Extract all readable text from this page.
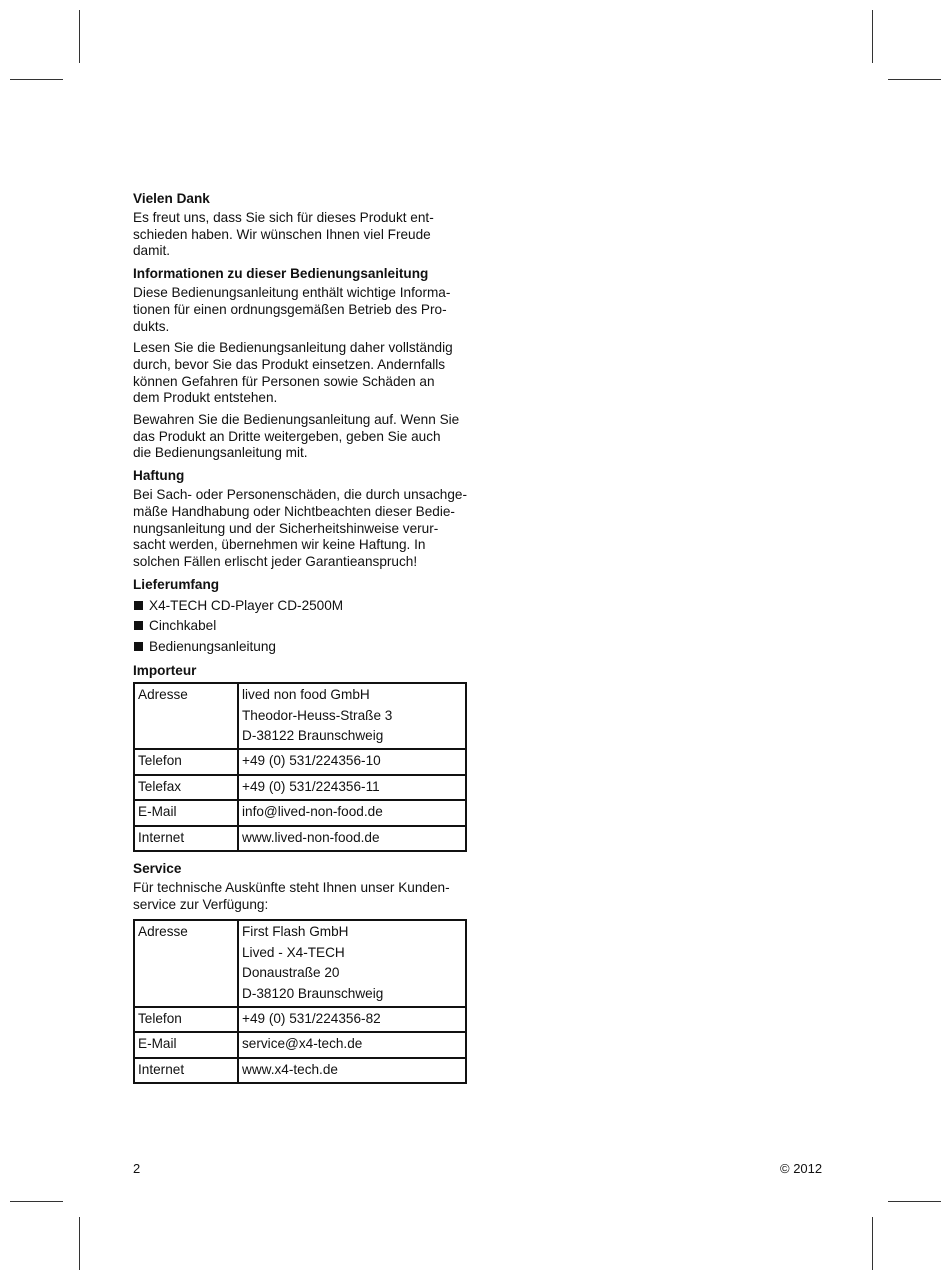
Vielen Dank

Es freut uns, dass Sie sich für dieses Produkt ent-
schieden haben. Wir wünschen Ihnen viel Freude
damit.

Informationen zu dieser Bedienungsanleitung

Diese Bedienungsanleitung enthält wichtige Informa-
tionen für einen ordnungsgemäßen Betrieb des Pro-
dukts.

Lesen Sie die Bedienungsanleitung daher vollständig
durch, bevor Sie das Produkt einsetzen. Andernfalls
können Gefahren für Personen sowie Schäden an
dem Produkt entstehen.

Bewahren Sie die Bedienungsanleitung auf. Wenn Sie
das Produkt an Dritte weitergeben, geben Sie auch
die Bedienungsanleitung mit.

Haftung

Bei Sach- oder Personenschäden, die durch unsachge-
mäße Handhabung oder Nichtbeachten dieser Bedie-
nungsanleitung und der Sicherheitshinweise verur-
sacht werden, übernehmen wir keine Haftung. In
solchen Fällen erlischt jeder Garantieanspruch!

Lieferumfang
X4-TECH CD-Player CD-2500M
Cinchkabel
Bedienungsanleitung
Importeur
Adresse	lived non food GmbH
Theodor-Heuss-Straße 3
D-38122 Braunschweig

Telefon	+49 (0) 531/224356-10
Telefax	+49 (0) 531/224356-11
E-Mail	info@lived-non-food.de
Internet	www.lived-non-food.de
Service

Für technische Auskünfte steht Ihnen unser Kunden-
service zur Verfügung:

Adresse	First Flash GmbH
Lived - X4-TECH
Donaustraße 20
D-38120 Braunschweig

Telefon	+49 (0) 531/224356-82
E-Mail	service@x4-tech.de
Internet	www.x4-tech.de
2	© 2012
